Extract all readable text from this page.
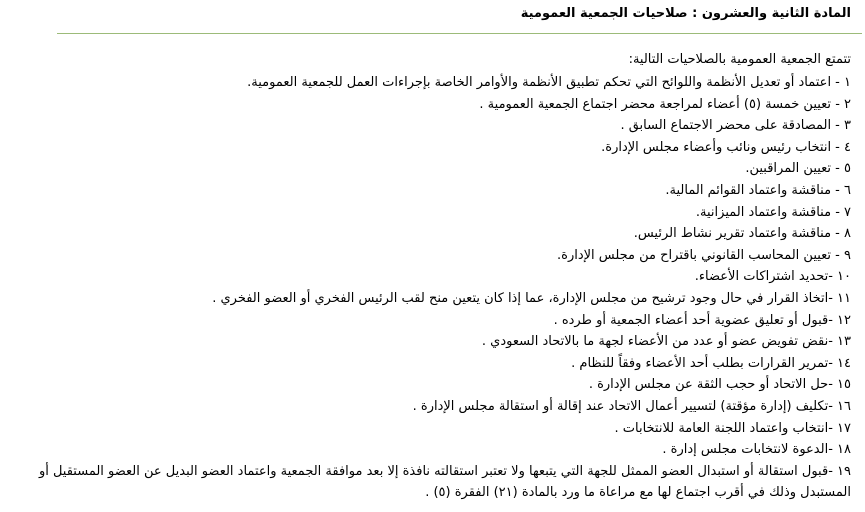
المادة الثانية والعشرون : صلاحيات الجمعية العمومية
تتمتع الجمعية العمومية بالصلاحيات التالية:
١ - اعتماد أو تعديل الأنظمة واللوائح التي تحكم تطبيق الأنظمة والأوامر الخاصة بإجراءات العمل للجمعية العمومية.
٢ - تعيين خمسة (٥) أعضاء لمراجعة محضر اجتماع الجمعية العمومية .
٣ - المصادقة على محضر الاجتماع السابق .
٤ - انتخاب رئيس ونائب وأعضاء مجلس الإدارة.
٥ - تعيين المراقبين.
٦ - مناقشة واعتماد القوائم المالية.
٧ - مناقشة واعتماد الميزانية.
٨ - مناقشة واعتماد تقرير نشاط الرئيس.
٩ - تعيين المحاسب القانوني باقتراح من مجلس الإدارة.
١٠ -تحديد اشتراكات الأعضاء.
١١ -اتخاذ القرار في حال وجود ترشيح من مجلس الإدارة، عما إذا كان يتعين منح لقب الرئيس الفخري أو العضو الفخري .
١٢ -قبول أو تعليق عضوية أحد أعضاء الجمعية أو طرده .
١٣ -نقض تفويض عضو أو عدد من الأعضاء لجهة ما بالاتحاد السعودي .
١٤ -تمرير القرارات بطلب أحد الأعضاء وفقاً للنظام .
١٥ -حل الاتحاد أو حجب الثقة عن مجلس الإدارة .
١٦ -تكليف (إدارة مؤقتة) لتسيير أعمال الاتحاد عند إقالة أو استقالة مجلس الإدارة .
١٧ -انتخاب واعتماد اللجنة العامة للانتخابات .
١٨ -الدعوة لانتخابات مجلس إدارة .
١٩ -قبول استقالة أو استبدال العضو الممثل للجهة التي يتبعها ولا تعتبر استقالته نافذة إلا بعد موافقة الجمعية واعتماد العضو البديل عن العضو المستقيل أو المستبدل وذلك في أقرب اجتماع لها مع مراعاة ما ورد بالمادة (٢١) الفقرة (٥) .
